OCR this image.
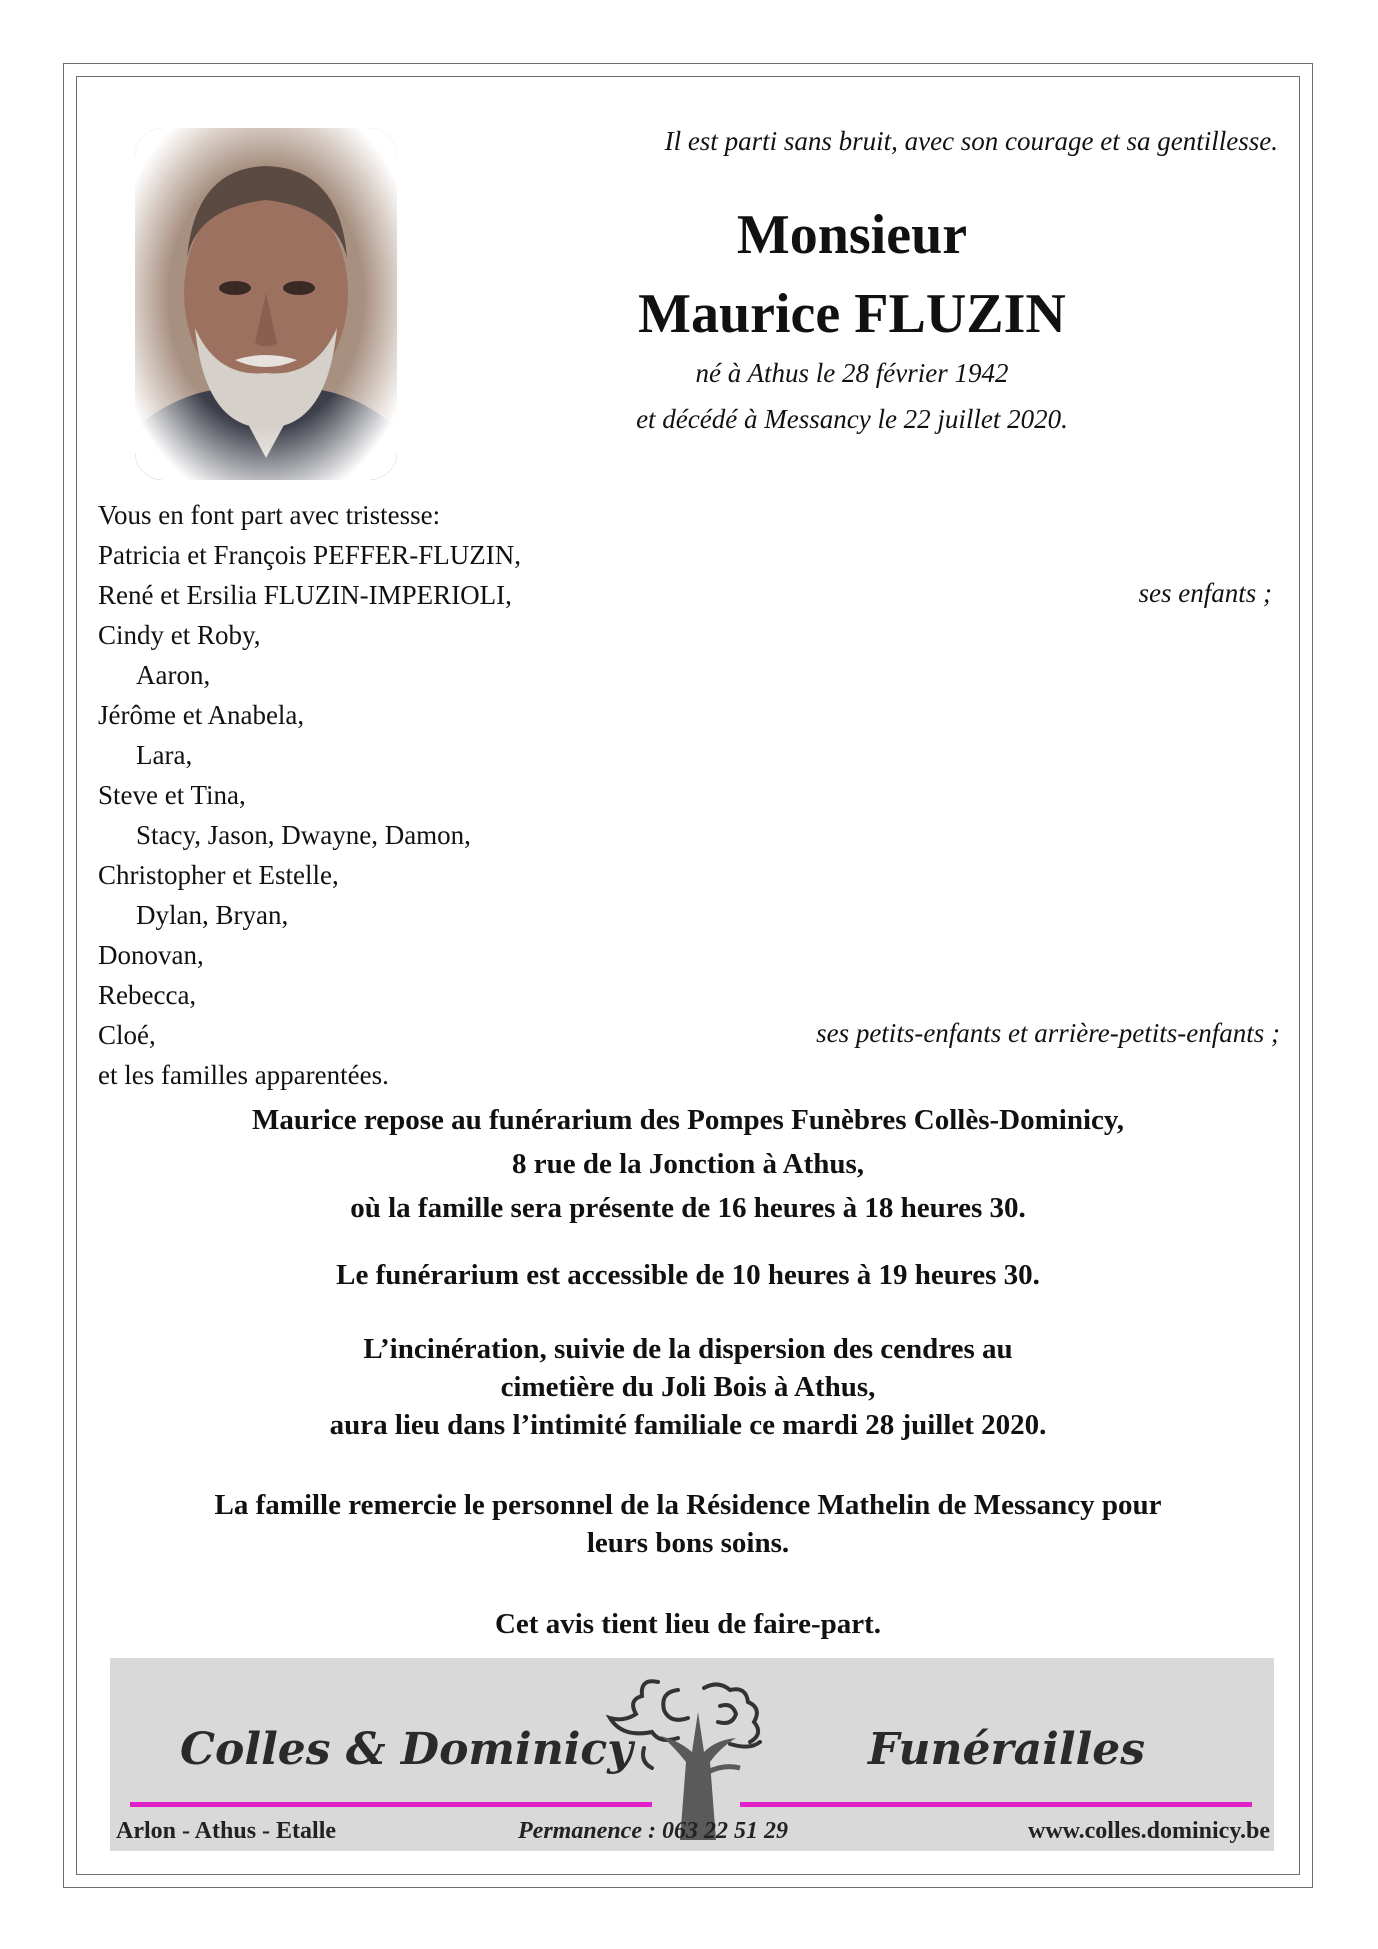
Il est parti sans bruit, avec son courage et sa gentillesse.
Monsieur
Maurice FLUZIN
né à Athus le 28 février 1942
et décédé à Messancy le 22 juillet 2020.
Vous en font part avec tristesse:
Patricia et François PEFFER-FLUZIN,
René et Ersilia FLUZIN-IMPERIOLI,
Cindy et Roby,
Aaron,
Jérôme et Anabela,
Lara,
Steve et Tina,
Stacy, Jason, Dwayne, Damon,
Christopher et Estelle,
Dylan, Bryan,
Donovan,
Rebecca,
Cloé,
et les familles apparentées.
ses enfants ;
ses petits-enfants et arrière-petits-enfants ;
Maurice repose au funérarium des Pompes Funèbres Collès-Dominicy,
8 rue de la Jonction à Athus,
où la famille sera présente de 16 heures à 18 heures 30.
Le funérarium est accessible de 10 heures à 19 heures 30.
L’incinération, suivie de la dispersion des cendres au
cimetière du Joli Bois à Athus,
aura lieu dans l’intimité familiale ce mardi 28 juillet 2020.
La famille remercie le personnel de la Résidence Mathelin de Messancy pour
leurs bons soins.
Cet avis tient lieu de faire-part.
Colles & Dominicy	Funérailles
Arlon - Athus - Etalle	Permanence : 063 22 51 29	www.colles.dominicy.be
